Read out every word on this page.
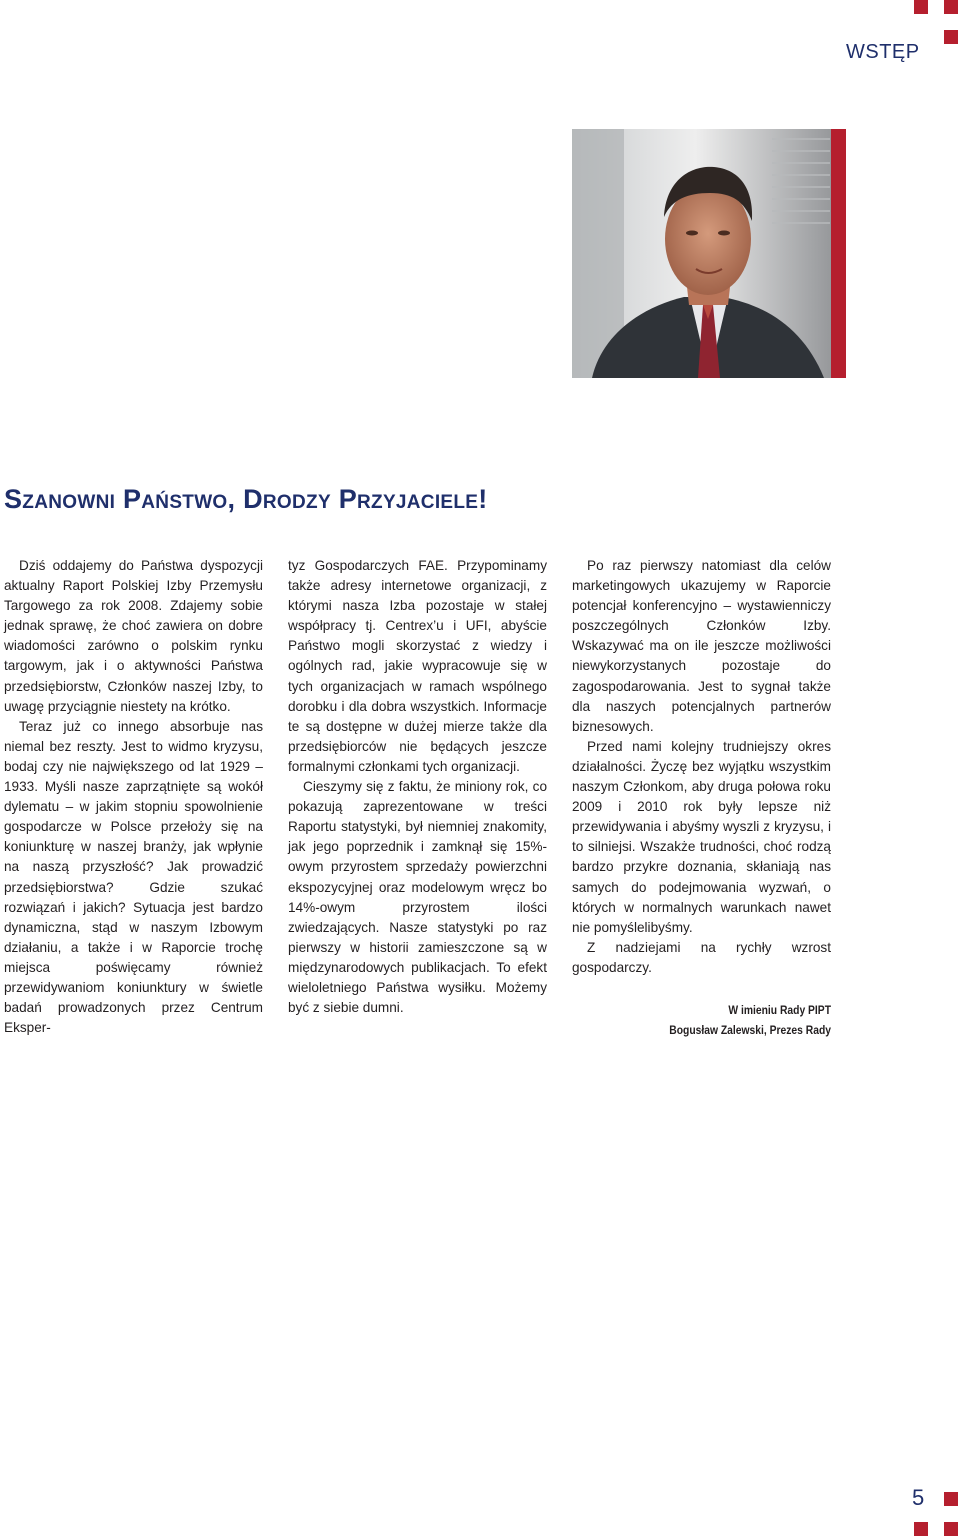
WSTĘP
Szanowni Państwo, Drodzy Przyjaciele!

Dziś oddajemy do Państwa dyspozycji aktualny Raport Polskiej Izby Przemysłu Targowego za rok 2008. Zdajemy sobie jednak sprawę, że choć zawiera on dobre wiadomości zarówno o polskim rynku targowym, jak i o aktywności Państwa przedsiębiorstw, Członków naszej Izby, to uwagę przyciągnie niestety na krótko.

Teraz już co innego absorbuje nas niemal bez reszty. Jest to widmo kryzysu, bodaj czy nie największego od lat 1929 – 1933. Myśli nasze zaprzątnięte są wokół dylematu – w jakim stopniu spowolnienie gospodarcze w Polsce przełoży się na koniunkturę w naszej branży, jak wpłynie na naszą przyszłość? Jak prowadzić przedsiębiorstwa? Gdzie szukać rozwiązań i jakich? Sytuacja jest bardzo dynamiczna, stąd w naszym Izbowym działaniu, a także i w Raporcie trochę miejsca poświęcamy również przewidywaniom koniunktury w świetle badań prowadzonych przez Centrum Eksper-

tyz Gospodarczych FAE. Przypominamy także adresy internetowe organizacji, z którymi nasza Izba pozostaje w stałej współpracy tj. Centrex’u i UFI, abyście Państwo mogli skorzystać z wiedzy i ogólnych rad, jakie wypracowuje się w tych organizacjach w ramach wspólnego dorobku i dla dobra wszystkich. Informacje te są dostępne w dużej mierze także dla przedsiębiorców nie będących jeszcze formalnymi członkami tych organizacji.

Cieszymy się z faktu, że miniony rok, co pokazują zaprezentowane w treści Raportu statystyki, był niemniej znakomity, jak jego poprzednik i zamknął się 15%-owym przyrostem sprzedaży powierzchni ekspozycyjnej oraz modelowym wręcz bo 14%-owym przyrostem ilości zwiedzających. Nasze statystyki po raz pierwszy w historii zamieszczone są w międzynarodowych publikacjach. To efekt wieloletniego Państwa wysiłku. Możemy być z siebie dumni.

Po raz pierwszy natomiast dla celów marketingowych ukazujemy w Raporcie potencjał konferencyjno – wystawienniczy poszczególnych Członków Izby. Wskazywać ma on ile jeszcze możliwości niewykorzystanych pozostaje do zagospodarowania. Jest to sygnał także dla naszych potencjalnych partnerów biznesowych.

Przed nami kolejny trudniejszy okres działalności. Życzę bez wyjątku wszystkim naszym Członkom, aby druga połowa roku 2009 i 2010 rok były lepsze niż przewidywania i abyśmy wyszli z kryzysu, i to silniejsi. Wszakże trudności, choć rodzą bardzo przykre doznania, skłaniają nas samych do podejmowania wyzwań, o których w normalnych warunkach nawet nie pomyślelibyśmy.

Z nadziejami na rychły wzrost gospodarczy.

W imieniu Rady PIPT
Bogusław Zalewski, Prezes Rady
5
